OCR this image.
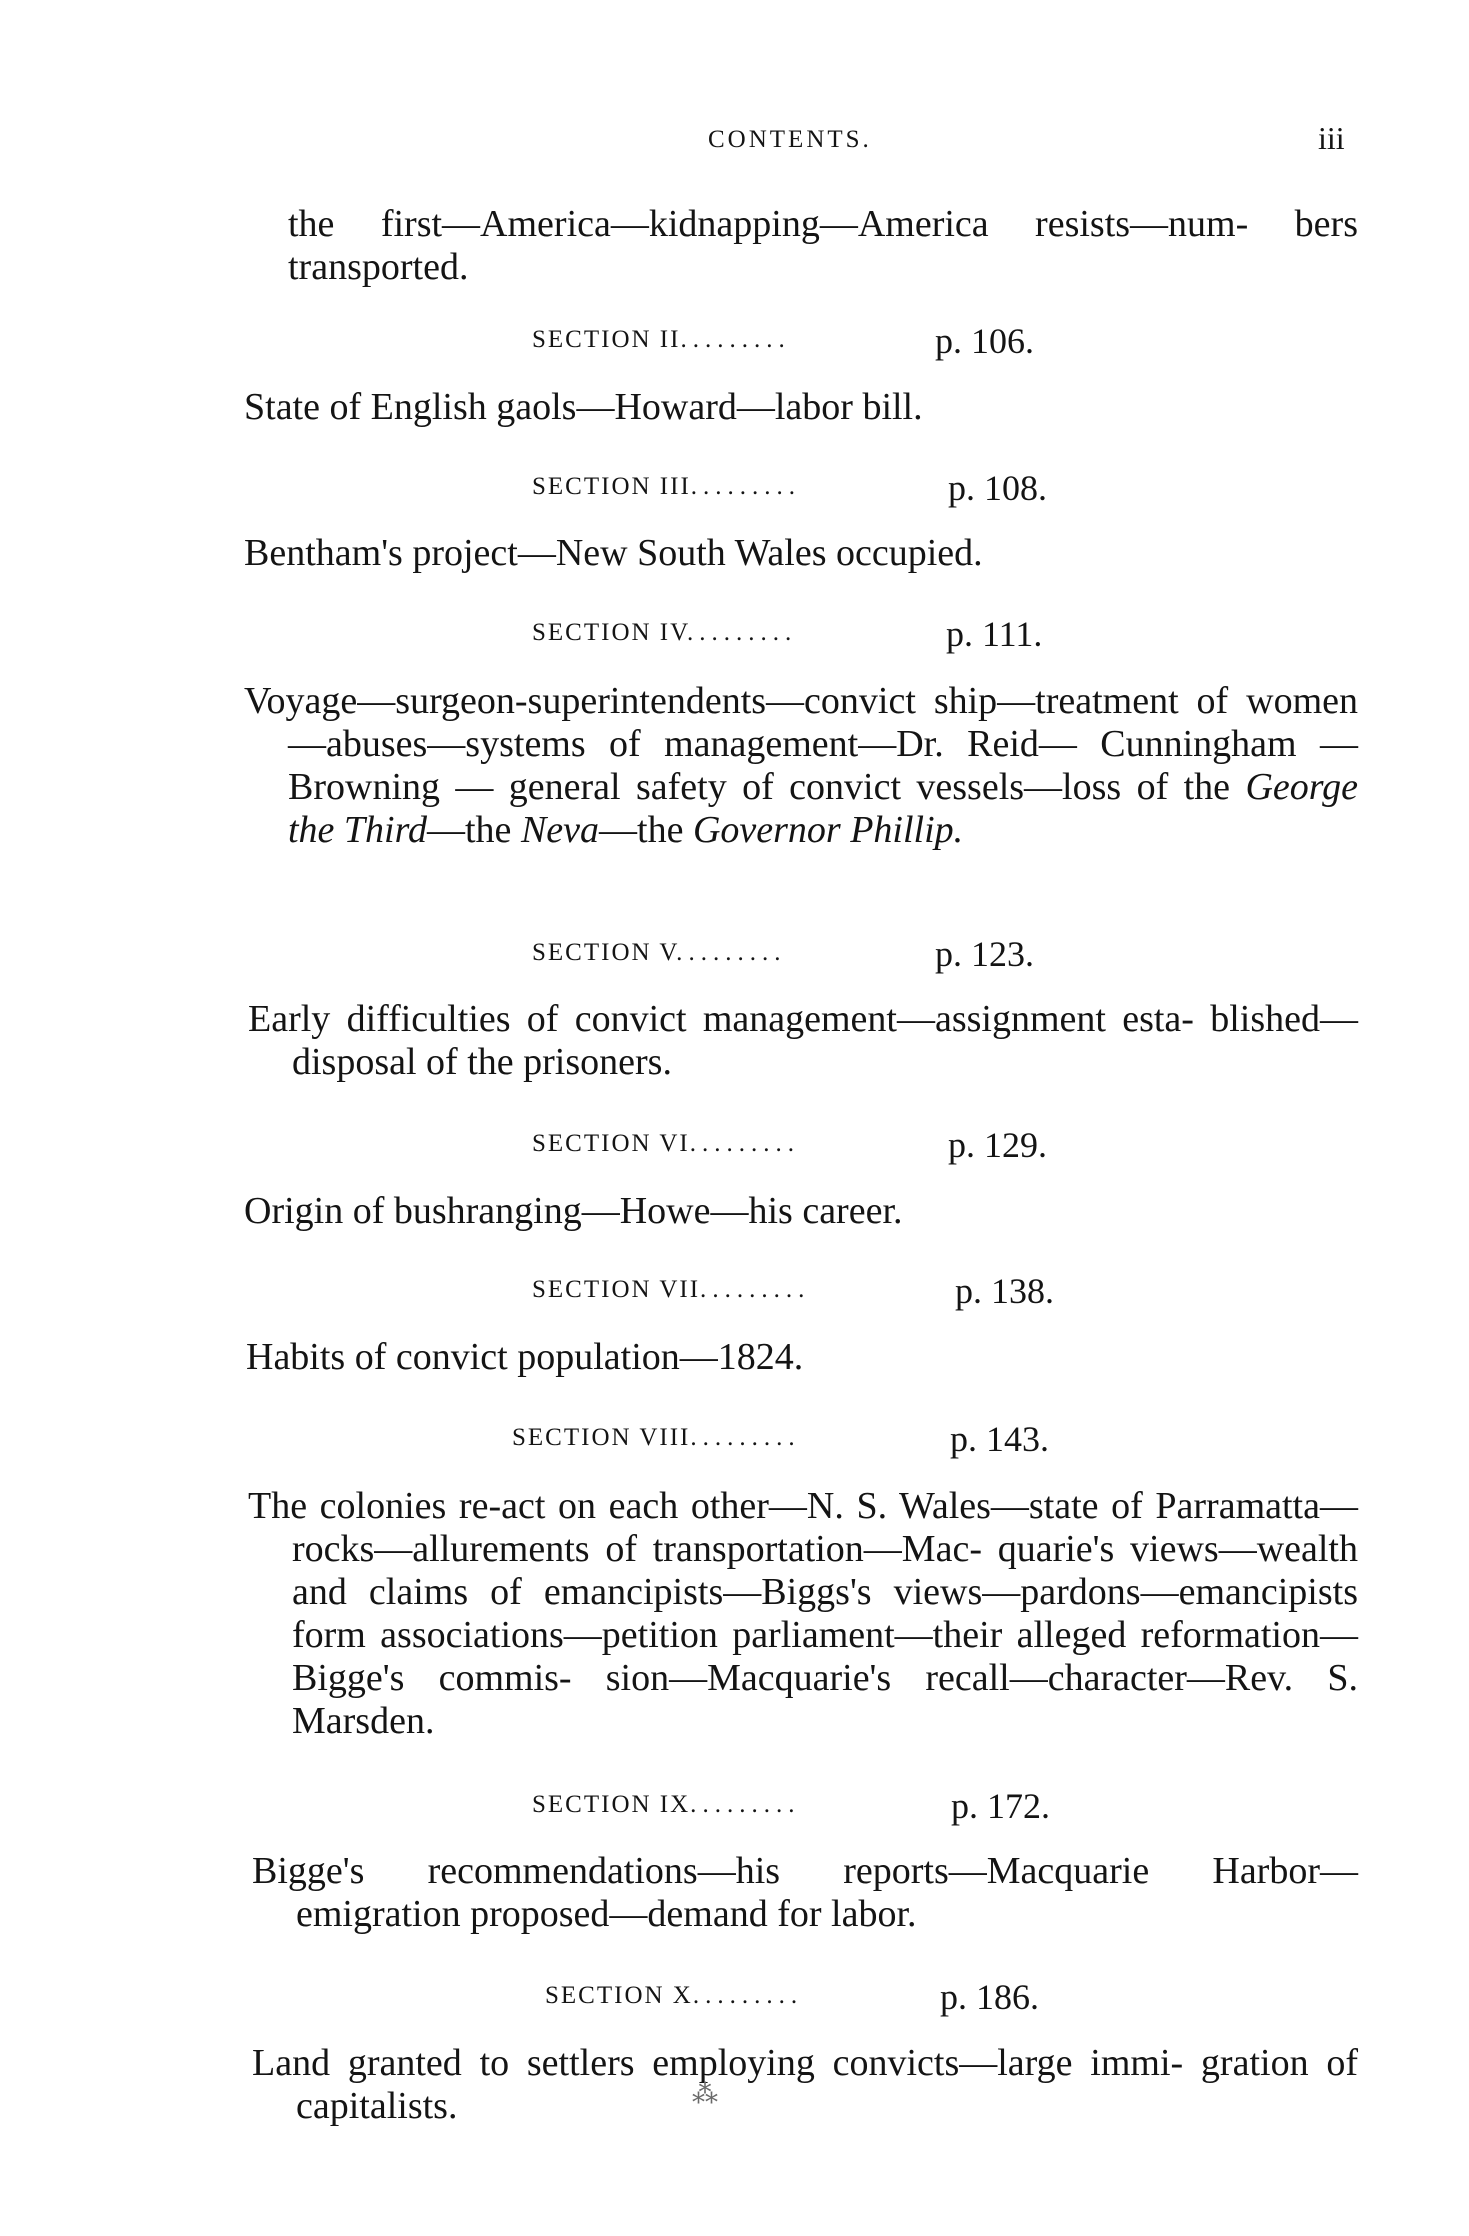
CONTENTS.	iii

the first—America—kidnapping—America resists—num- bers transported.

SECTION II. ........	p. 106.

State of English gaols—Howard—labor bill.

SECTION III. ........	p. 108.

Bentham's project—New South Wales occupied.

SECTION IV. ........	p. 111.

Voyage—surgeon-superintendents—convict ship—treatment of women—abuses—systems of management—Dr. Reid— Cunningham — Browning — general safety of convict vessels—loss of the George the Third—the Neva—the Governor Phillip.

SECTION V. ........	p. 123.

Early difficulties of convict management—assignment esta- blished—disposal of the prisoners.

SECTION VI. ........	p. 129.

Origin of bushranging—Howe—his career.

SECTION VII. ........	p. 138.

Habits of convict population—1824.

SECTION VIII. ........	p. 143.

The colonies re-act on each other—N. S. Wales—state of Parramatta—rocks—allurements of transportation—Mac- quarie's views—wealth and claims of emancipists—Biggs's views—pardons—emancipists form associations—petition parliament—their alleged reformation—Bigge's commis- sion—Macquarie's recall—character—Rev. S. Marsden.

SECTION IX. ........	p. 172.

Bigge's recommendations—his reports—Macquarie Harbor— emigration proposed—demand for labor.

SECTION X. ........	p. 186.

Land granted to settlers employing convicts—large immi- gration of capitalists.	⁂
